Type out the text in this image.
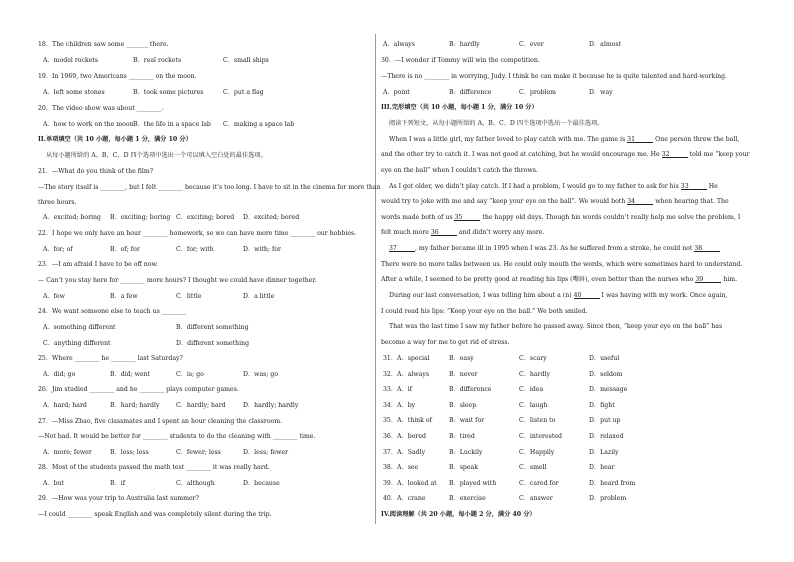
18．The children saw some _______ there.
A．model rockets	B．real rockets	C．small ships
19．In 1969, two Americans ________ on the moon.
A．left some stones	B．took some pictures	C．put a flag
20．The video show was about ________.
A．how to work on the moon B．the life in a space lab C．making a space lab
II.单项填空（共 10 小题，每小题 1 分，满分 10 分）
从每小题所给的 A、B、C、D 四个选项中选出一个可以填入空白处的最佳选项。
21．—What do you think of the film?
—The story itself is ________, but I felt ________ because it’s too long. I have to sit in the cinema for more than
three hours.
A．excited; boring B．exciting; boring C．exciting; bored D．excited; bored
22．I hope we only have an hour ________ homework, so we can have more time ________ our hobbies.
A．for; of	B．of; for	C．for; with	D．with; for
23．—I am afraid I have to be off now.
— Can’t you stay here for ________ more hours? I thought we could have dinner together.
A．few	B．a few	C．little	D．a little
24．We want someone else to teach us ________
A．something different	B．different something
C．anything different	D．different something
25．Where ________ he ________ last Saturday?
A．did; go	B．did; went	C．is; go	D．was; go
26．Jim studied ________ and he ________ plays computer games.
A．hard; hard	B．hard; hardly	C．hardly; hard	D．hardly; hardly
27．—Miss Zhao, five classmates and I spent an hour cleaning the classroom.
—Not bad. It would be better for ________ students to do the cleaning with ________ time.
A．more; fewer	B．less; less	C．fewer; less	D．less; fewer
28．Most of the students passed the math test ________ it was really hard.
A．but	B．if	C．although	D．because
29．—How was your trip to Australia last summer?
—I could ________ speak English and was completely silent during the trip.
A．always	B．hardly	C．ever	D．almost
30．—I wonder if Tommy will win the competition.
—There is no ________ in worrying, Judy. I think he can make it because he is quite talented and hard-working.
A．point	B．difference	C．problem	D．way
III.完形填空（共 10 小题，每小题 1 分，满分 10 分）
阅读下列短文，从每小题所给的 A、B、C、D 四个选项中选出一个最佳选项。
When I was a little girl, my father loved to play catch with me. The game is 31	One person threw the ball,
and the other try to catch it. I was not good at catching, but he would encourage me. He 32	told me “keep your
eye on the ball” when I couldn’t catch the throws.
As I got older, we didn’t play catch. If I had a problem, I would go to my father to ask for his 33	He
would try to joke with me and say “keep your eye on the ball”. We would both 34	when hearing that. The
words made both of us 35	the happy old days. Though his words couldn’t really help me solve the problem, I
felt much more 36	and didn’t worry any more.
37	, my father became ill in 1995 when I was 23. As he suffered from a stroke, he could not 38
There were no more talks between us. He could only mouth the words, which were sometimes hard to understand.
After a while, I seemed to be pretty good at reading his lips (嘴唇), even better than the nurses who 39	him.
During our last conversation, I was telling him about a (n) 40	I was having with my work. Once again,
I could read his lips: “Keep your eye on the ball.” We both smiled.
That was the last time I saw my father before he passed away. Since then, “keep your eye on the ball” has
become a way for me to get rid of stress.
31．A．special	B．easy	C．scary	D．useful
32．A．always	B．never	C．hardly	D．seldom
33．A．if	B．difference	C．idea	D．message
34．A．by	B．sleep	C．laugh	D．fight
35．A．think of	B．wait for	C．listen to	D．put up
36．A．bored	B．tired	C．interested	D．relaxed
37．A．Sadly	B．Luckily	C．Happily	D．Lazily
38．A．see	B．speak	C．smell	D．hear
39．A．looked at B．played with	C．cared for	D．heard from
40．A．crane	B．exercise	C．answer	D．problem
IV.阅读理解（共 20 小题，每小题 2 分，满分 40 分）
